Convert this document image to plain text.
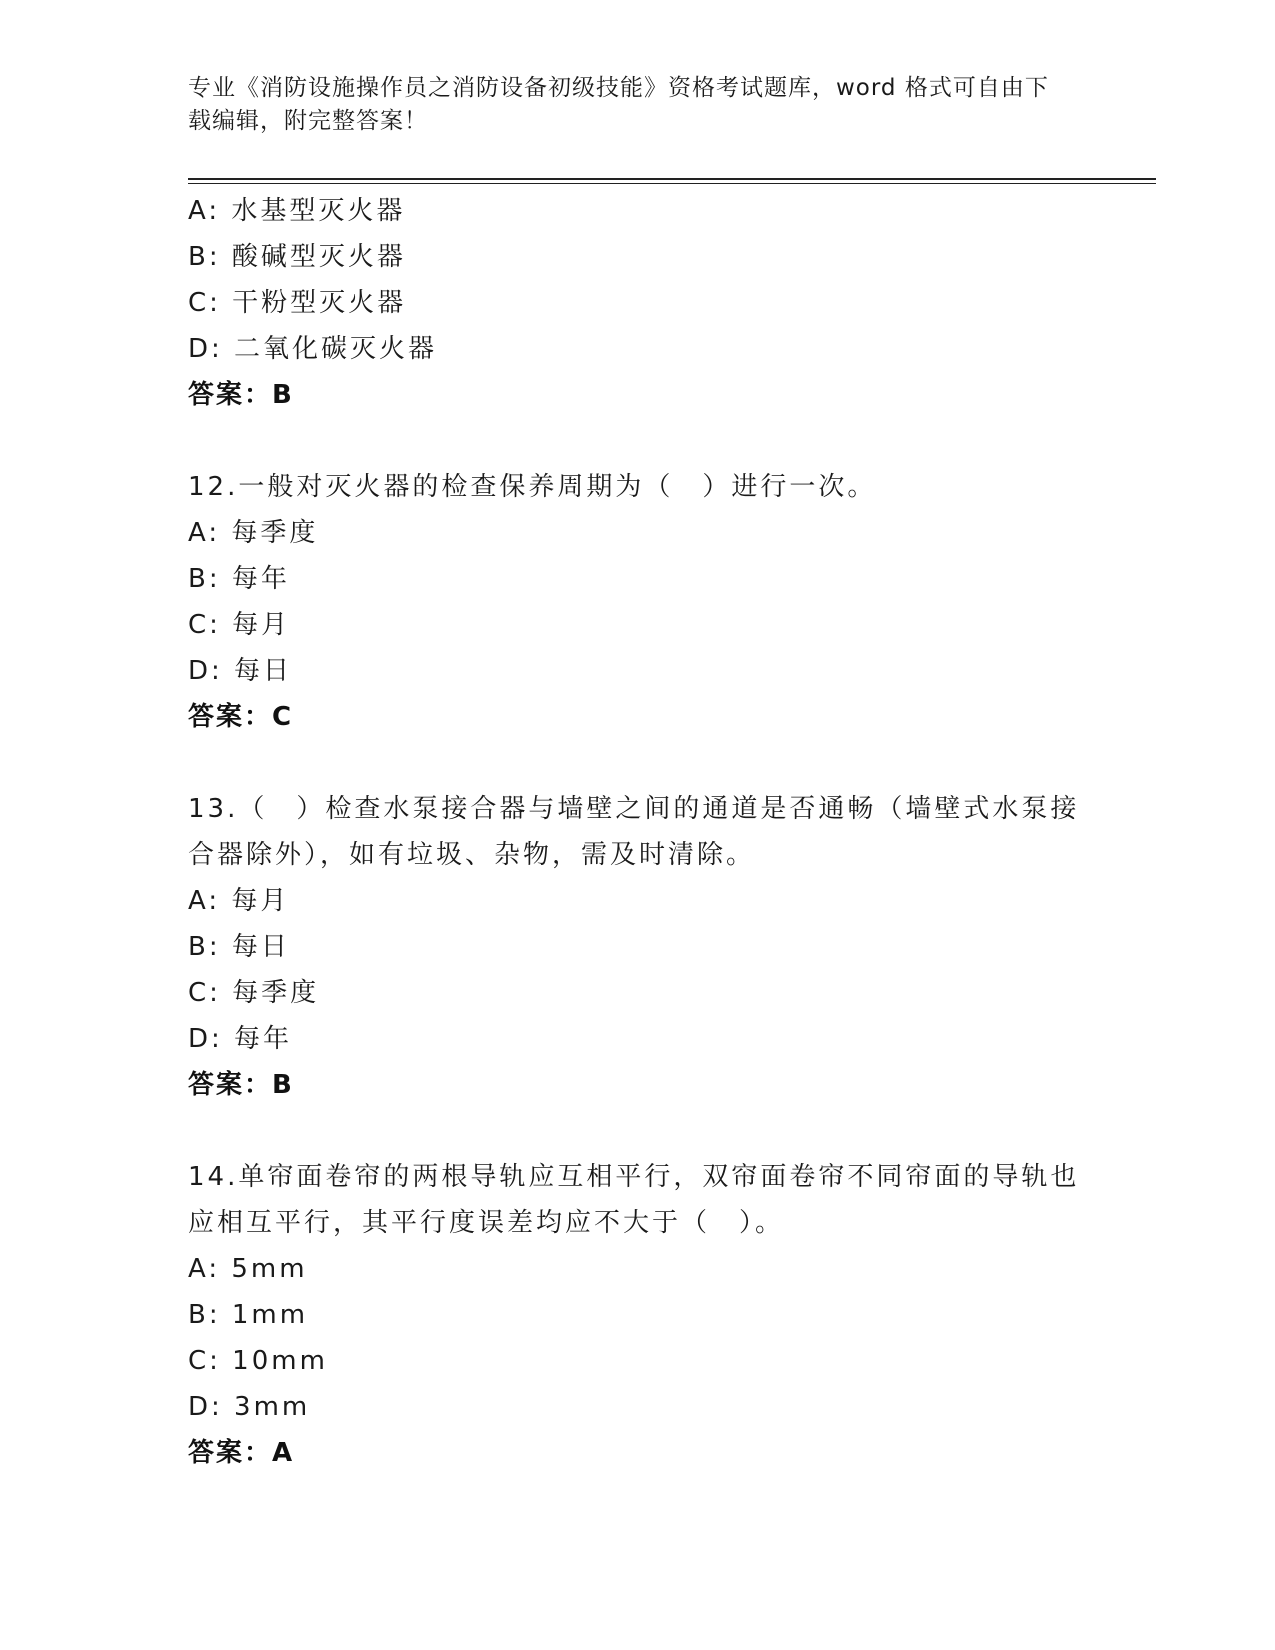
专业《消防设施操作员之消防设备初级技能》资格考试题库，word 格式可自由下载编辑，附完整答案！
A: 水基型灭火器
B: 酸碱型灭火器
C: 干粉型灭火器
D: 二氧化碳灭火器
答案：B
12.一般对灭火器的检查保养周期为（　）进行一次。
A: 每季度
B: 每年
C: 每月
D: 每日
答案：C
13.（　）检查水泵接合器与墙壁之间的通道是否通畅（墙壁式水泵接合器除外），如有垃圾、杂物，需及时清除。
A: 每月
B: 每日
C: 每季度
D: 每年
答案：B
14.单帘面卷帘的两根导轨应互相平行，双帘面卷帘不同帘面的导轨也应相互平行，其平行度误差均应不大于（　）。
A: 5mm
B: 1mm
C: 10mm
D: 3mm
答案：A
